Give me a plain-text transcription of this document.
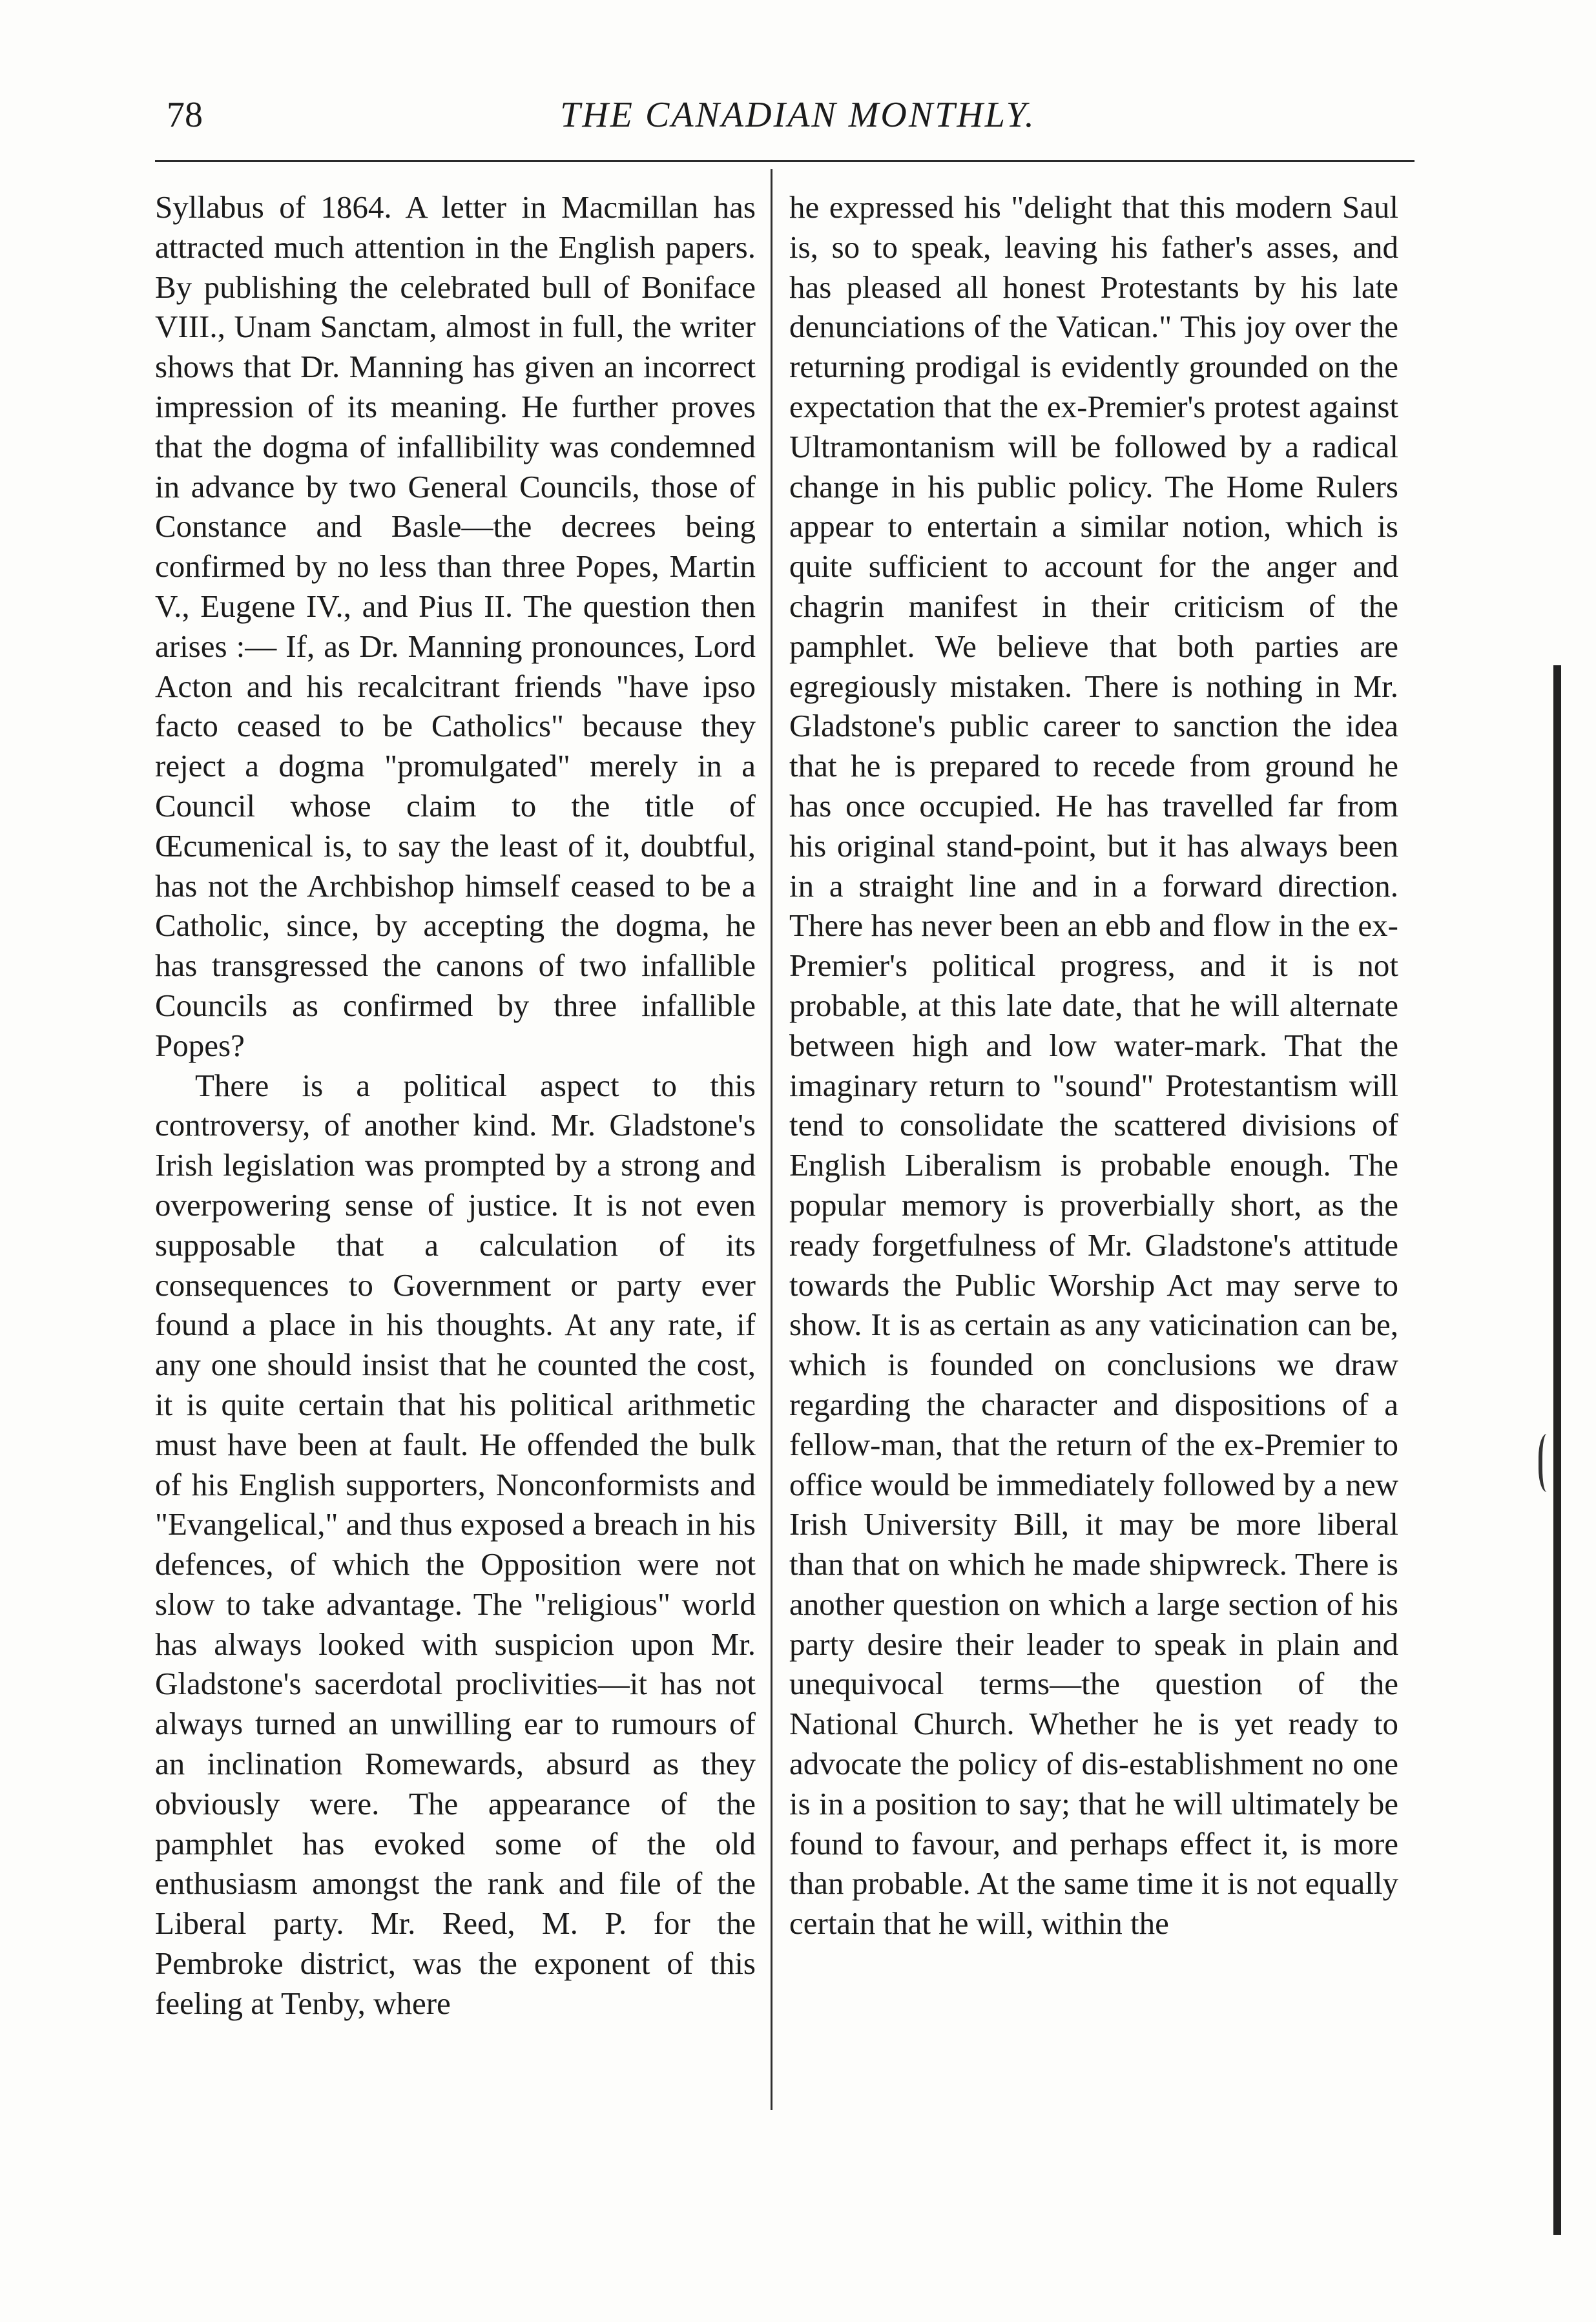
78	THE CANADIAN MONTHLY.

Syllabus of 1864. A letter in Macmillan has attracted much attention in the English papers. By publishing the celebrated bull of Boniface VIII., Unam Sanctam, almost in full, the writer shows that Dr. Manning has given an incorrect impression of its meaning. He further proves that the dogma of infallibility was condemned in advance by two General Councils, those of Constance and Basle—the decrees being confirmed by no less than three Popes, Martin V., Eugene IV., and Pius II. The question then arises :— If, as Dr. Manning pronounces, Lord Acton and his recalcitrant friends "have ipso facto ceased to be Catholics" because they reject a dogma "promulgated" merely in a Council whose claim to the title of Œcumenical is, to say the least of it, doubtful, has not the Archbishop himself ceased to be a Catholic, since, by accepting the dogma, he has transgressed the canons of two infallible Councils as confirmed by three infallible Popes?

There is a political aspect to this controversy, of another kind. Mr. Gladstone's Irish legislation was prompted by a strong and overpowering sense of justice. It is not even supposable that a calculation of its consequences to Government or party ever found a place in his thoughts. At any rate, if any one should insist that he counted the cost, it is quite certain that his political arithmetic must have been at fault. He offended the bulk of his English supporters, Nonconformists and "Evangelical," and thus exposed a breach in his defences, of which the Opposition were not slow to take advantage. The "religious" world has always looked with suspicion upon Mr. Gladstone's sacerdotal proclivities—it has not always turned an unwilling ear to rumours of an inclination Romewards, absurd as they obviously were. The appearance of the pamphlet has evoked some of the old enthusiasm amongst the rank and file of the Liberal party. Mr. Reed, M. P. for the Pembroke district, was the exponent of this feeling at Tenby, where

he expressed his "delight that this modern Saul is, so to speak, leaving his father's asses, and has pleased all honest Protestants by his late denunciations of the Vatican." This joy over the returning prodigal is evidently grounded on the expectation that the ex-Premier's protest against Ultramontanism will be followed by a radical change in his public policy. The Home Rulers appear to entertain a similar notion, which is quite sufficient to account for the anger and chagrin manifest in their criticism of the pamphlet. We believe that both parties are egregiously mistaken. There is nothing in Mr. Gladstone's public career to sanction the idea that he is prepared to recede from ground he has once occupied. He has travelled far from his original stand-point, but it has always been in a straight line and in a forward direction. There has never been an ebb and flow in the ex-Premier's political progress, and it is not probable, at this late date, that he will alternate between high and low water-mark. That the imaginary return to "sound" Protestantism will tend to consolidate the scattered divisions of English Liberalism is probable enough. The popular memory is proverbially short, as the ready forgetfulness of Mr. Gladstone's attitude towards the Public Worship Act may serve to show. It is as certain as any vaticination can be, which is founded on conclusions we draw regarding the character and dispositions of a fellow-man, that the return of the ex-Premier to office would be immediately followed by a new Irish University Bill, it may be more liberal than that on which he made shipwreck. There is another question on which a large section of his party desire their leader to speak in plain and unequivocal terms—the question of the National Church. Whether he is yet ready to advocate the policy of dis-establishment no one is in a position to say; that he will ultimately be found to favour, and perhaps effect it, is more than probable. At the same time it is not equally certain that he will, within the
